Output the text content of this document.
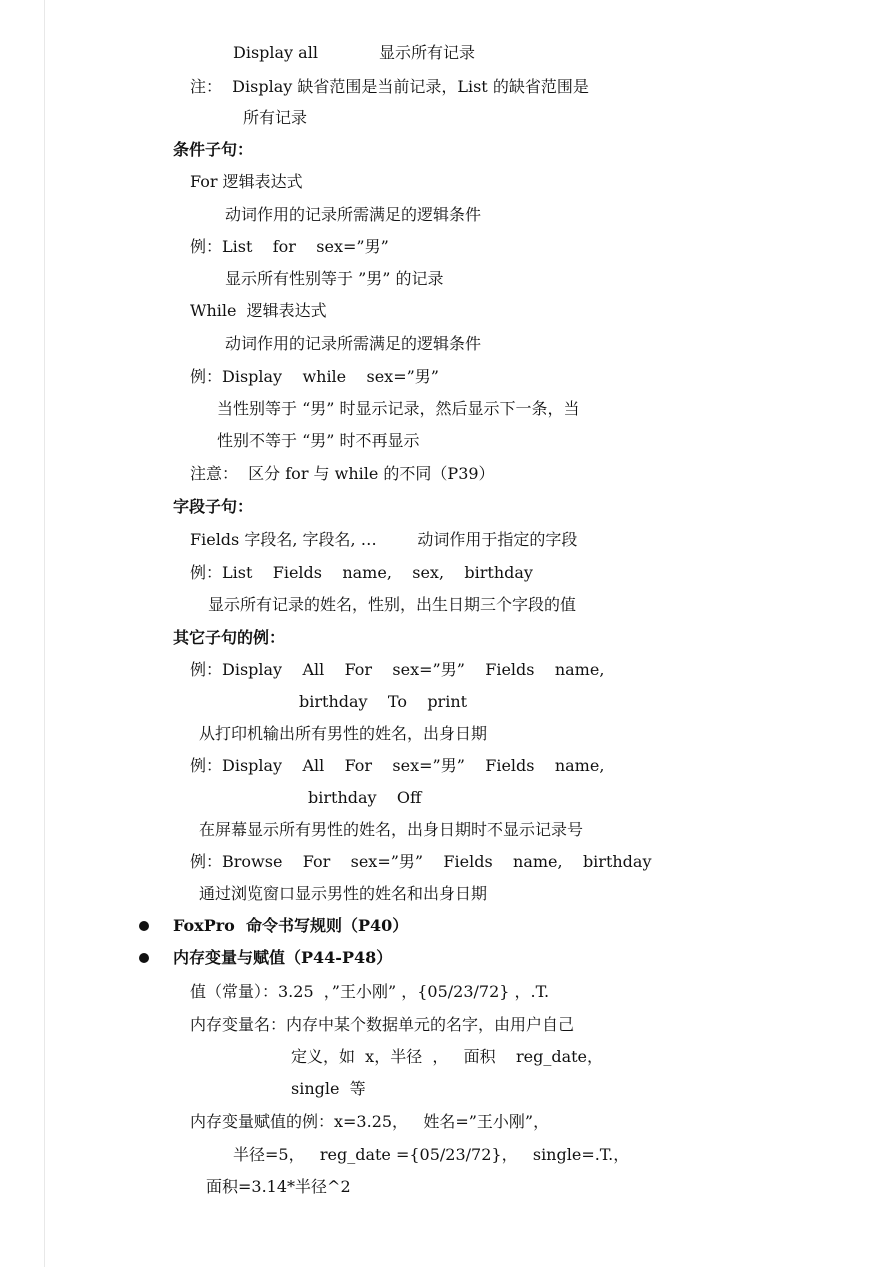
Display all            显示所有记录
注：  Display 缺省范围是当前记录，List 的缺省范围是
所有记录
条件子句：
For 逻辑表达式
动词作用的记录所需满足的逻辑条件
例：List    for    sex=”男”
显示所有性别等于 ”男” 的记录
While  逻辑表达式
动词作用的记录所需满足的逻辑条件
例：Display    while    sex=”男”
当性别等于 “男” 时显示记录，然后显示下一条，当
性别不等于 “男” 时不再显示
注意：  区分 for 与 while 的不同（P39）
字段子句：
Fields 字段名, 字段名, …        动词作用于指定的字段
例：List    Fields    name,    sex,    birthday
显示所有记录的姓名，性别，出生日期三个字段的值
其它子句的例：
例：Display    All    For    sex=”男”    Fields    name,
birthday    To    print
从打印机输出所有男性的姓名，出身日期
例：Display    All    For    sex=”男”    Fields    name,
birthday    Off
在屏幕显示所有男性的姓名，出身日期时不显示记录号
例：Browse    For    sex=”男”    Fields    name,    birthday
通过浏览窗口显示男性的姓名和出身日期
FoxPro  命令书写规则（P40）
内存变量与赋值（P44-P48）
值（常量）：3.25  ，”王小刚” ，{05/23/72} ，.T.
内存变量名：内存中某个数据单元的名字，由用户自己
定义，如  x，半径  ，   面积    reg_date，
single  等
内存变量赋值的例：x=3.25，   姓名=”王小刚”，
半径=5，   reg_date ={05/23/72}，   single=.T.，
面积=3.14*半径^2
